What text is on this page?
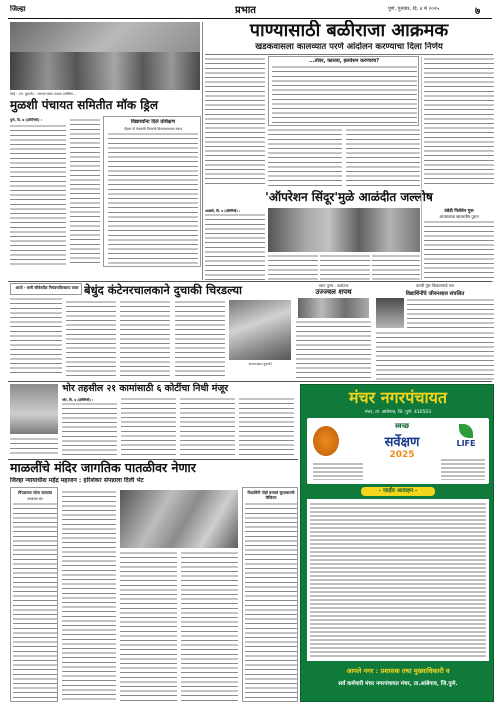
जिल्हा	प्रभात	पुणे, गुरुवार, दि. ४ मे २०२५	७
वेल्हे : (ता. मुळशी) : भरपाव मंडल पाऊस उपस्थित...
मुळशी पंचायत समितीत मॉक ड्रिल
पुणे, दि. ७ (प्रतिनिधी) :	विद्यार्थ्यांना दिले प्रशिक्षण
पौड़ना दो सेवकांचे वितरणी क्रियाकलापचा सराव
पाण्यासाठी बळीराजा आक्रमक
खडकवासला कालव्यात परणे आंदोलन करण्याचा दिला निर्णय
...तोवर, कालवा, हलवेशन करणारच?
'ऑपरेशन सिंदूर'मुळे आळंदीत जल्लोष
आळंदी, दि. ७ (प्रतिनिधी) :	उंबेडी पिलेवेन गुरू
अपघाताचा खातरतीय पुरात
आयो - मानी सीमेवरील नियंत्रणविरस्ताय वावर बेधुंद कंटेनरचालकाने दुचाकी चिरडल्या
अपघातग्रस्त दुचाकी
वसंत पुरुष : वक्तेतक
उज्ज्वल शपथ
कल्पी गुरू विद्यालयाचे यश
विद्यार्थिनींचे जीवनशाल संचलित
भोर तहसील २१ कामांसाठी ६ कोटींचा निधी मंजूर
भोर, दि. ७ (प्रतिनिधी) :
माळलींचे मंदिर जागतिक पातळीवर नेणार
जिल्हा न्यायाधीश महेंद्र महाजन : हरिशंकर संपन्नाला दिली भेट
पिंपळगाव जोगा जलतांत्र
जनरुंगल थेट
विधार्थिनी पोहो बनवलं सुरावसरणी चॅम्पियन
मंचर नगरपंचायत
मंचर, ता. आंबेगाव, जि. पुणे. 410503
स्वच्छ
सर्वेक्षण
2025
LIFE
- जाहीर आवाहन -
आपले नगर : प्रशासक तथा मुख्याधिकारी व
सर्व कर्मचारी मंचर नगरपंचायत मंचर, ता.आंबेगाव, जि.पुणे.
